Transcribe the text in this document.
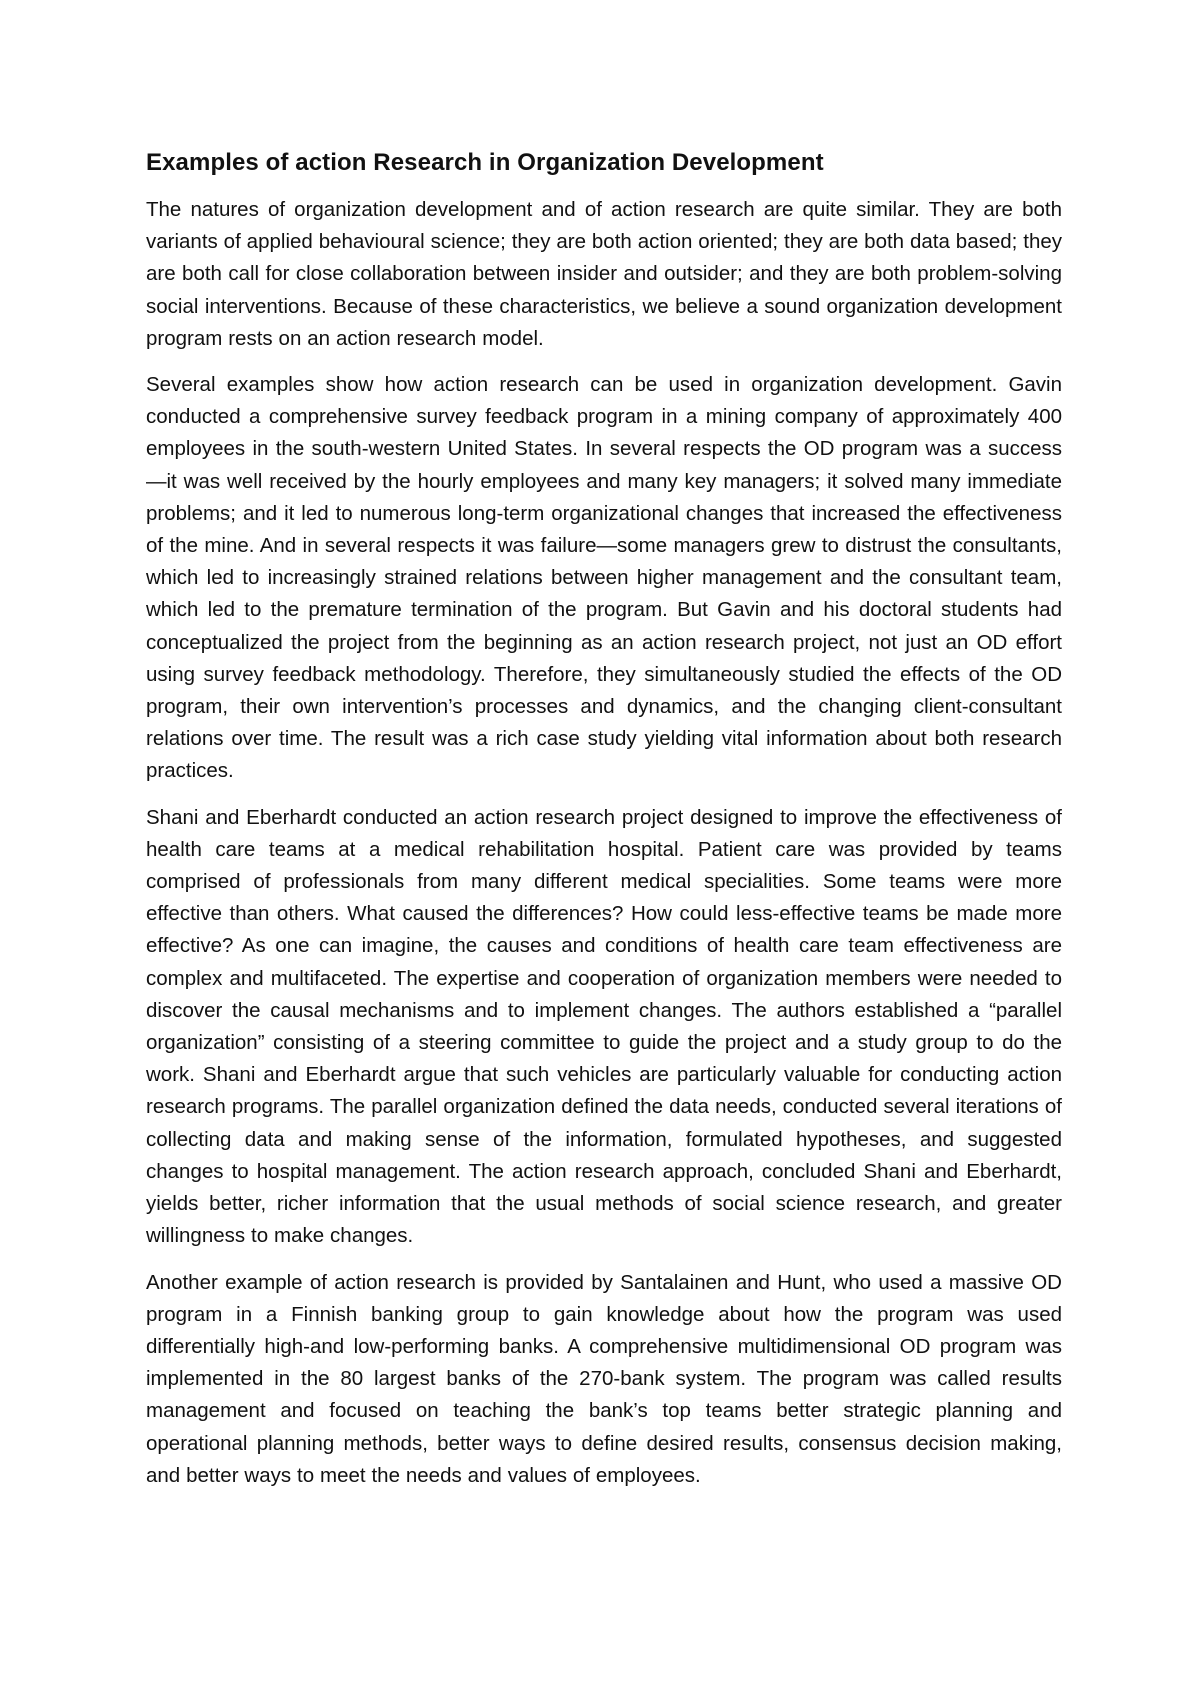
Examples of action Research in Organization Development

The natures of organization development and of action research are quite similar. They are both variants of applied behavioural science; they are both action oriented; they are both data based; they are both call for close collaboration between insider and outsider; and they are both problem-solving social interventions. Because of these characteristics, we believe a sound organization development program rests on an action research model.

Several examples show how action research can be used in organization development. Gavin conducted a comprehensive survey feedback program in a mining company of approximately 400 employees in the south-western United States. In several respects the OD program was a success—it was well received by the hourly employees and many key managers; it solved many immediate problems; and it led to numerous long-term organizational changes that increased the effectiveness of the mine. And in several respects it was failure—some managers grew to distrust the consultants, which led to increasingly strained relations between higher management and the consultant team, which led to the premature termination of the program. But Gavin and his doctoral students had conceptualized the project from the beginning as an action research project, not just an OD effort using survey feedback methodology. Therefore, they simultaneously studied the effects of the OD program, their own intervention’s processes and dynamics, and the changing client-consultant relations over time. The result was a rich case study yielding vital information about both research practices.

Shani and Eberhardt conducted an action research project designed to improve the effectiveness of health care teams at a medical rehabilitation hospital. Patient care was provided by teams comprised of professionals from many different medical specialities. Some teams were more effective than others. What caused the differences? How could less-effective teams be made more effective? As one can imagine, the causes and conditions of health care team effectiveness are complex and multifaceted. The expertise and cooperation of organization members were needed to discover the causal mechanisms and to implement changes. The authors established a “parallel organization” consisting of a steering committee to guide the project and a study group to do the work. Shani and Eberhardt argue that such vehicles are particularly valuable for conducting action research programs. The parallel organization defined the data needs, conducted several iterations of collecting data and making sense of the information, formulated hypotheses, and suggested changes to hospital management. The action research approach, concluded Shani and Eberhardt, yields better, richer information that the usual methods of social science research, and greater willingness to make changes.

Another example of action research is provided by Santalainen and Hunt, who used a massive OD program in a Finnish banking group to gain knowledge about how the program was used differentially high-and low-performing banks. A comprehensive multidimensional OD program was implemented in the 80 largest banks of the 270-bank system. The program was called results management and focused on teaching the bank’s top teams better strategic planning and operational planning methods, better ways to define desired results, consensus decision making, and better ways to meet the needs and values of employees.
